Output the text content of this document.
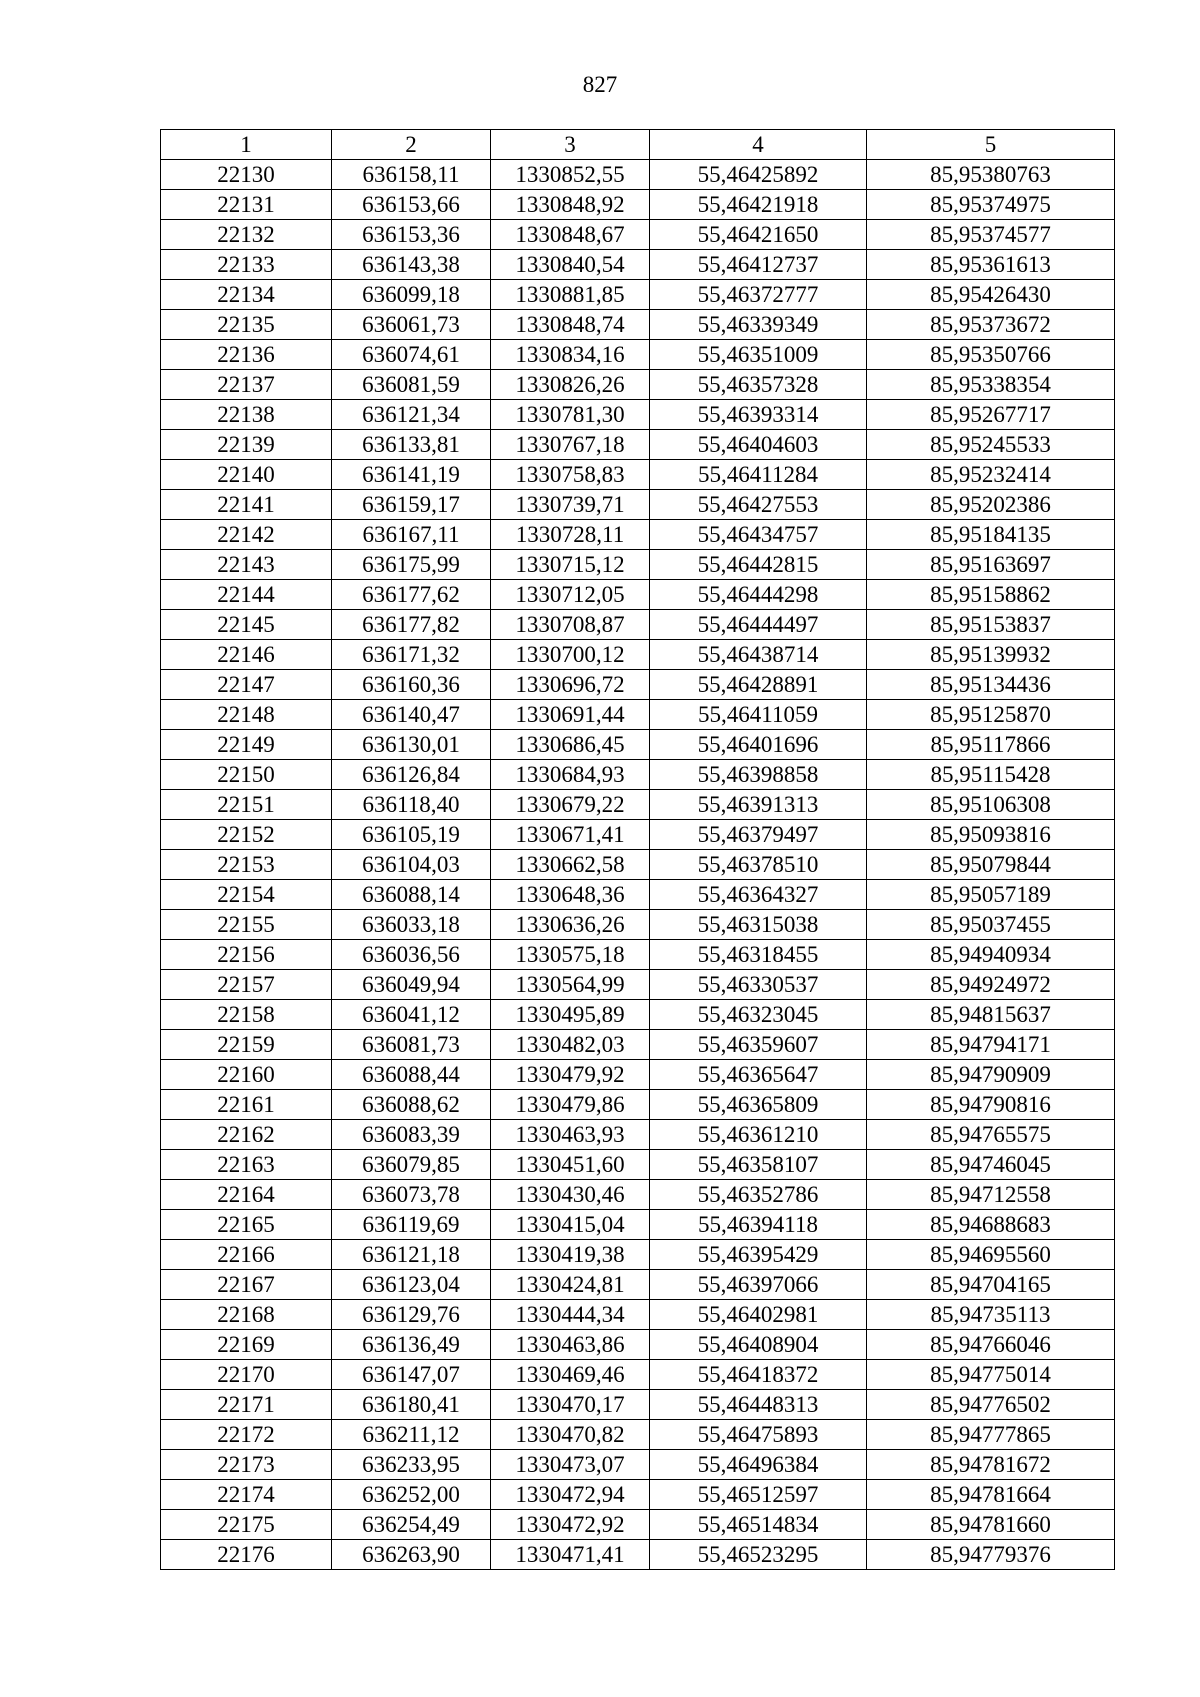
827
1	2	3	4	5
22130	636158,11	1330852,55	55,46425892	85,95380763
22131	636153,66	1330848,92	55,46421918	85,95374975
22132	636153,36	1330848,67	55,46421650	85,95374577
22133	636143,38	1330840,54	55,46412737	85,95361613
22134	636099,18	1330881,85	55,46372777	85,95426430
22135	636061,73	1330848,74	55,46339349	85,95373672
22136	636074,61	1330834,16	55,46351009	85,95350766
22137	636081,59	1330826,26	55,46357328	85,95338354
22138	636121,34	1330781,30	55,46393314	85,95267717
22139	636133,81	1330767,18	55,46404603	85,95245533
22140	636141,19	1330758,83	55,46411284	85,95232414
22141	636159,17	1330739,71	55,46427553	85,95202386
22142	636167,11	1330728,11	55,46434757	85,95184135
22143	636175,99	1330715,12	55,46442815	85,95163697
22144	636177,62	1330712,05	55,46444298	85,95158862
22145	636177,82	1330708,87	55,46444497	85,95153837
22146	636171,32	1330700,12	55,46438714	85,95139932
22147	636160,36	1330696,72	55,46428891	85,95134436
22148	636140,47	1330691,44	55,46411059	85,95125870
22149	636130,01	1330686,45	55,46401696	85,95117866
22150	636126,84	1330684,93	55,46398858	85,95115428
22151	636118,40	1330679,22	55,46391313	85,95106308
22152	636105,19	1330671,41	55,46379497	85,95093816
22153	636104,03	1330662,58	55,46378510	85,95079844
22154	636088,14	1330648,36	55,46364327	85,95057189
22155	636033,18	1330636,26	55,46315038	85,95037455
22156	636036,56	1330575,18	55,46318455	85,94940934
22157	636049,94	1330564,99	55,46330537	85,94924972
22158	636041,12	1330495,89	55,46323045	85,94815637
22159	636081,73	1330482,03	55,46359607	85,94794171
22160	636088,44	1330479,92	55,46365647	85,94790909
22161	636088,62	1330479,86	55,46365809	85,94790816
22162	636083,39	1330463,93	55,46361210	85,94765575
22163	636079,85	1330451,60	55,46358107	85,94746045
22164	636073,78	1330430,46	55,46352786	85,94712558
22165	636119,69	1330415,04	55,46394118	85,94688683
22166	636121,18	1330419,38	55,46395429	85,94695560
22167	636123,04	1330424,81	55,46397066	85,94704165
22168	636129,76	1330444,34	55,46402981	85,94735113
22169	636136,49	1330463,86	55,46408904	85,94766046
22170	636147,07	1330469,46	55,46418372	85,94775014
22171	636180,41	1330470,17	55,46448313	85,94776502
22172	636211,12	1330470,82	55,46475893	85,94777865
22173	636233,95	1330473,07	55,46496384	85,94781672
22174	636252,00	1330472,94	55,46512597	85,94781664
22175	636254,49	1330472,92	55,46514834	85,94781660
22176	636263,90	1330471,41	55,46523295	85,94779376
